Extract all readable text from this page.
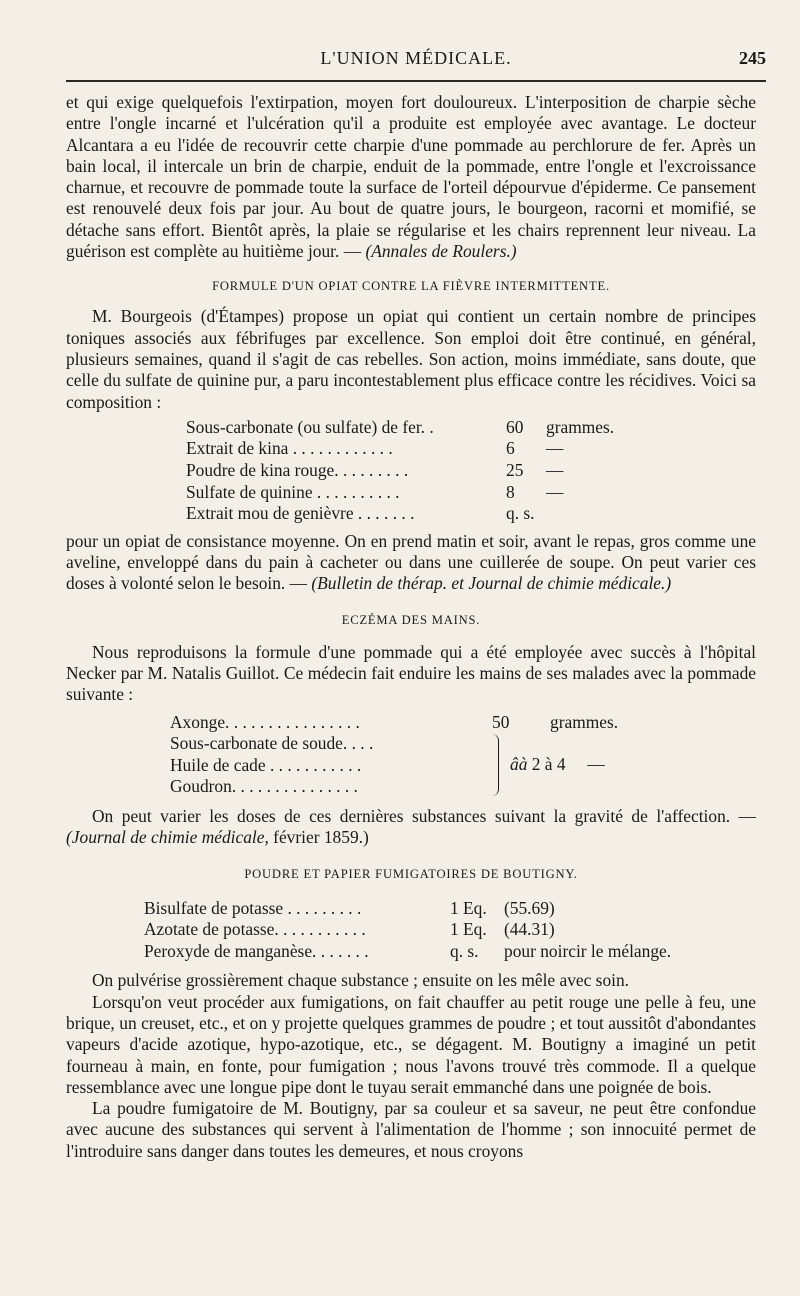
L'UNION MÉDICALE.	245

et qui exige quelquefois l'extirpation, moyen fort douloureux. L'interposition de charpie sèche entre l'ongle incarné et l'ulcération qu'il a produite est employée avec avantage. Le docteur Alcantara a eu l'idée de recouvrir cette charpie d'une pommade au perchlorure de fer. Après un bain local, il intercale un brin de charpie, enduit de la pommade, entre l'ongle et l'excroissance charnue, et recouvre de pommade toute la surface de l'orteil dépourvue d'épiderme. Ce pansement est renouvelé deux fois par jour. Au bout de quatre jours, le bourgeon, racorni et momifié, se détache sans effort. Bientôt après, la plaie se régularise et les chairs reprennent leur niveau. La guérison est complète au huitième jour. — (Annales de Roulers.)

FORMULE D'UN OPIAT CONTRE LA FIÈVRE INTERMITTENTE.

M. Bourgeois (d'Étampes) propose un opiat qui contient un certain nombre de principes toniques associés aux fébrifuges par excellence. Son emploi doit être continué, en général, plusieurs semaines, quand il s'agit de cas rebelles. Son action, moins immédiate, sans doute, que celle du sulfate de quinine pur, a paru incontestablement plus efficace contre les récidives. Voici sa composition :

Sous-carbonate (ou sulfate) de fer. .	60	grammes.
Extrait de kina . . . . . . . . . . . .	6	—
Poudre de kina rouge. . . . . . . . .	25	—
Sulfate de quinine . . . . . . . . . .	8	—
Extrait mou de genièvre . . . . . . .	q. s.

pour un opiat de consistance moyenne. On en prend matin et soir, avant le repas, gros comme une aveline, enveloppé dans du pain à cacheter ou dans une cuillerée de soupe. On peut varier ces doses à volonté selon le besoin. — (Bulletin de thérap. et Journal de chimie médicale.)

ECZÉMA DES MAINS.

Nous reproduisons la formule d'une pommade qui a été employée avec succès à l'hôpital Necker par M. Natalis Guillot. Ce médecin fait enduire les mains de ses malades avec la pommade suivante :

Axonge. . . . . . . . . . . . . . . .	50	grammes.
Sous-carbonate de soude. . . .
Huile de cade . . . . . . . . . . .
Goudron. . . . . . . . . . . . . . .
âà 2 à 4 —

On peut varier les doses de ces dernières substances suivant la gravité de l'affection. — (Journal de chimie médicale, février 1859.)

POUDRE ET PAPIER FUMIGATOIRES DE BOUTIGNY.
Bisulfate de potasse . . . . . . . . .	1 Eq. (55.69)
Azotate de potasse. . . . . . . . . . .	1 Eq. (44.31)
Peroxyde de manganèse. . . . . . .	q. s.	pour noircir le mélange.

On pulvérise grossièrement chaque substance ; ensuite on les mêle avec soin.

Lorsqu'on veut procéder aux fumigations, on fait chauffer au petit rouge une pelle à feu, une brique, un creuset, etc., et on y projette quelques grammes de poudre ; et tout aussitôt d'abondantes vapeurs d'acide azotique, hypo-azotique, etc., se dégagent. M. Boutigny a imaginé un petit fourneau à main, en fonte, pour fumigation ; nous l'avons trouvé très commode. Il a quelque ressemblance avec une longue pipe dont le tuyau serait emmanché dans une poignée de bois.

La poudre fumigatoire de M. Boutigny, par sa couleur et sa saveur, ne peut être confondue avec aucune des substances qui servent à l'alimentation de l'homme ; son innocuité permet de l'introduire sans danger dans toutes les demeures, et nous croyons
